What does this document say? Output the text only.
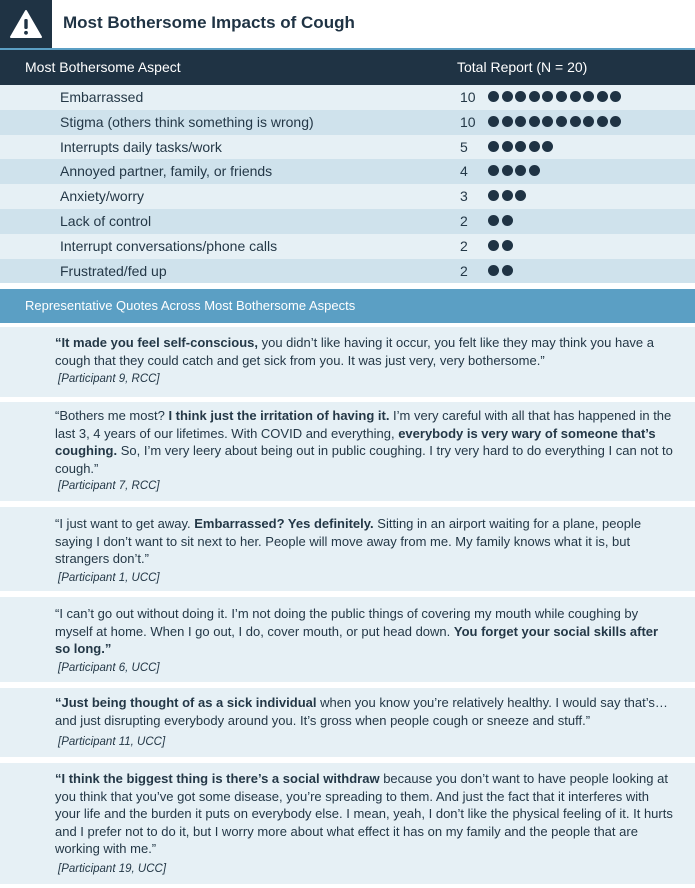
Most Bothersome Impacts of Cough
Most Bothersome Aspect	Total Report (N = 20)
Embarrassed	10
Stigma (others think something is wrong)	10
Interrupts daily tasks/work	5
Annoyed partner, family, or friends	4
Anxiety/worry	3
Lack of control	2
Interrupt conversations/phone calls	2
Frustrated/fed up	2
Representative Quotes Across Most Bothersome Aspects
“It made you feel self-conscious, you didn’t like having it occur, you felt like they may think you have a cough that they could catch and get sick from you. It was just very, very bothersome.”
[Participant 9, RCC]
“Bothers me most? I think just the irritation of having it. I’m very careful with all that has happened in the last 3, 4 years of our lifetimes. With COVID and everything, everybody is very wary of someone that’s coughing. So, I’m very leery about being out in public coughing. I try very hard to do everything I can not to cough.”
[Participant 7, RCC]
“I just want to get away. Embarrassed? Yes definitely. Sitting in an airport waiting for a plane, people saying I don’t want to sit next to her. People will move away from me. My family knows what it is, but strangers don’t.”
[Participant 1, UCC]
“I can’t go out without doing it. I’m not doing the public things of covering my mouth while coughing by myself at home. When I go out, I do, cover mouth, or put head down. You forget your social skills after so long.”
[Participant 6, UCC]
“Just being thought of as a sick individual when you know you’re relatively healthy. I would say that’s…and just disrupting everybody around you. It’s gross when people cough or sneeze and stuff.”
[Participant 11, UCC]
“I think the biggest thing is there’s a social withdraw because you don’t want to have people looking at you think that you’ve got some disease, you’re spreading to them. And just the fact that it interferes with your life and the burden it puts on everybody else. I mean, yeah, I don’t like the physical feeling of it. It hurts and I prefer not to do it, but I worry more about what effect it has on my family and the people that are working with me.”
[Participant 19, UCC]
